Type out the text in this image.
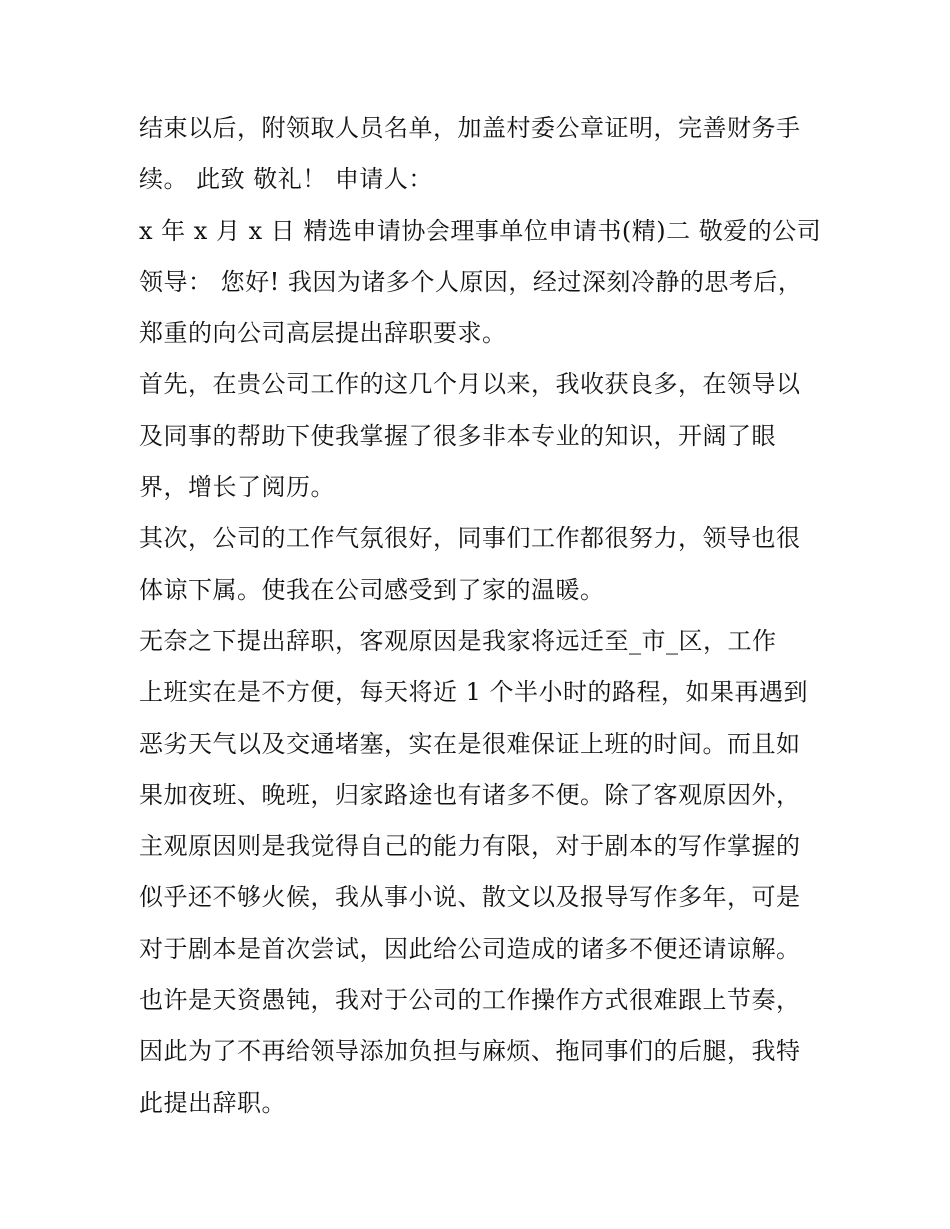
结束以后，附领取人员名单，加盖村委公章证明，完善财务手
续。 此致 敬礼！ 申请人：
x 年 x 月 x 日 精选申请协会理事单位申请书(精)二 敬爱的公司
领导： 您好! 我因为诸多个人原因，经过深刻冷静的思考后，
郑重的向公司高层提出辞职要求。
首先，在贵公司工作的这几个月以来，我收获良多，在领导以
及同事的帮助下使我掌握了很多非本专业的知识，开阔了眼
界，增长了阅历。
其次，公司的工作气氛很好，同事们工作都很努力，领导也很
体谅下属。使我在公司感受到了家的温暖。
无奈之下提出辞职，客观原因是我家将远迁至_市_区，工作
上班实在是不方便，每天将近 1 个半小时的路程，如果再遇到
恶劣天气以及交通堵塞，实在是很难保证上班的时间。而且如
果加夜班、晚班，归家路途也有诸多不便。除了客观原因外，
主观原因则是我觉得自己的能力有限，对于剧本的写作掌握的
似乎还不够火候，我从事小说、散文以及报导写作多年，可是
对于剧本是首次尝试，因此给公司造成的诸多不便还请谅解。
也许是天资愚钝，我对于公司的工作操作方式很难跟上节奏，
因此为了不再给领导添加负担与麻烦、拖同事们的后腿，我特
此提出辞职。
